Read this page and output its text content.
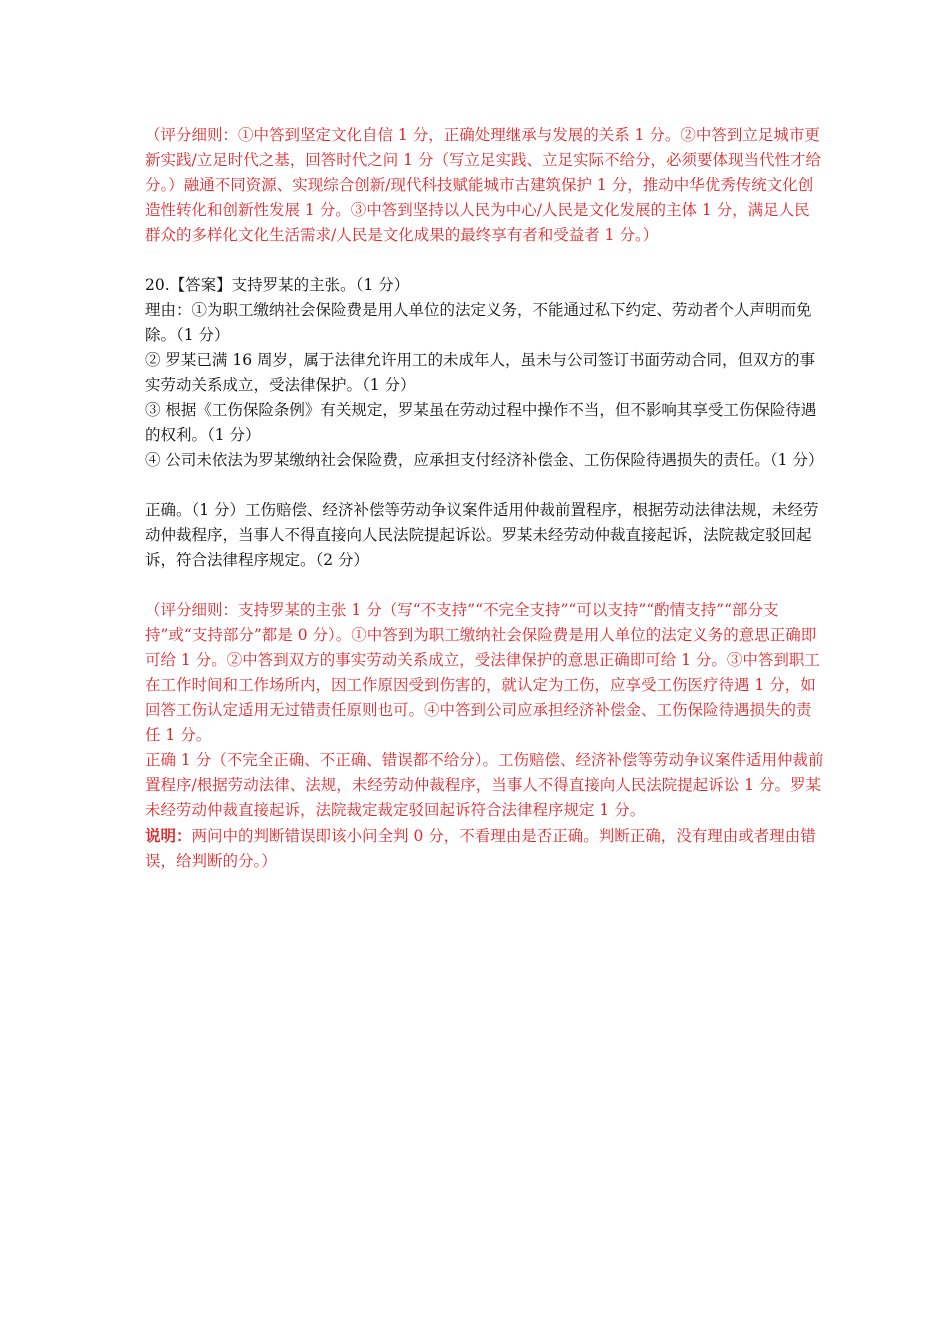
（评分细则：①中答到坚定文化自信 1 分，正确处理继承与发展的关系 1 分。②中答到立足城市更新实践/立足时代之基，回答时代之问 1 分（写立足实践、立足实际不给分，必须要体现当代性才给分。）融通不同资源、实现综合创新/现代科技赋能城市古建筑保护 1 分，推动中华优秀传统文化创造性转化和创新性发展 1 分。③中答到坚持以人民为中心/人民是文化发展的主体 1 分，满足人民群众的多样化文化生活需求/人民是文化成果的最终享有者和受益者 1 分。）

20.【答案】支持罗某的主张。（1 分）

理由：①为职工缴纳社会保险费是用人单位的法定义务，不能通过私下约定、劳动者个人声明而免除。（1 分）

② 罗某已满 16 周岁，属于法律允许用工的未成年人，虽未与公司签订书面劳动合同，但双方的事实劳动关系成立，受法律保护。（1 分）

③ 根据《工伤保险条例》有关规定，罗某虽在劳动过程中操作不当，但不影响其享受工伤保险待遇的权利。（1 分）

④ 公司未依法为罗某缴纳社会保险费，应承担支付经济补偿金、工伤保险待遇损失的责任。（1 分）

正确。（1 分）工伤赔偿、经济补偿等劳动争议案件适用仲裁前置程序，根据劳动法律法规，未经劳动仲裁程序，当事人不得直接向人民法院提起诉讼。罗某未经劳动仲裁直接起诉，法院裁定驳回起诉，符合法律程序规定。（2 分）

（评分细则：支持罗某的主张 1 分（写“不支持”“不完全支持”“可以支持”“酌情支持”“部分支持”或“支持部分”都是 0 分）。①中答到为职工缴纳社会保险费是用人单位的法定义务的意思正确即可给 1 分。②中答到双方的事实劳动关系成立，受法律保护的意思正确即可给 1 分。③中答到职工在工作时间和工作场所内，因工作原因受到伤害的，就认定为工伤，应享受工伤医疗待遇 1 分，如回答工伤认定适用无过错责任原则也可。④中答到公司应承担经济补偿金、工伤保险待遇损失的责任 1 分。

正确 1 分（不完全正确、不正确、错误都不给分）。工伤赔偿、经济补偿等劳动争议案件适用仲裁前置程序/根据劳动法律、法规，未经劳动仲裁程序，当事人不得直接向人民法院提起诉讼 1 分。罗某未经劳动仲裁直接起诉，法院裁定裁定驳回起诉符合法律程序规定 1 分。

说明：两问中的判断错误即该小问全判 0 分，不看理由是否正确。判断正确，没有理由或者理由错误，给判断的分。）
